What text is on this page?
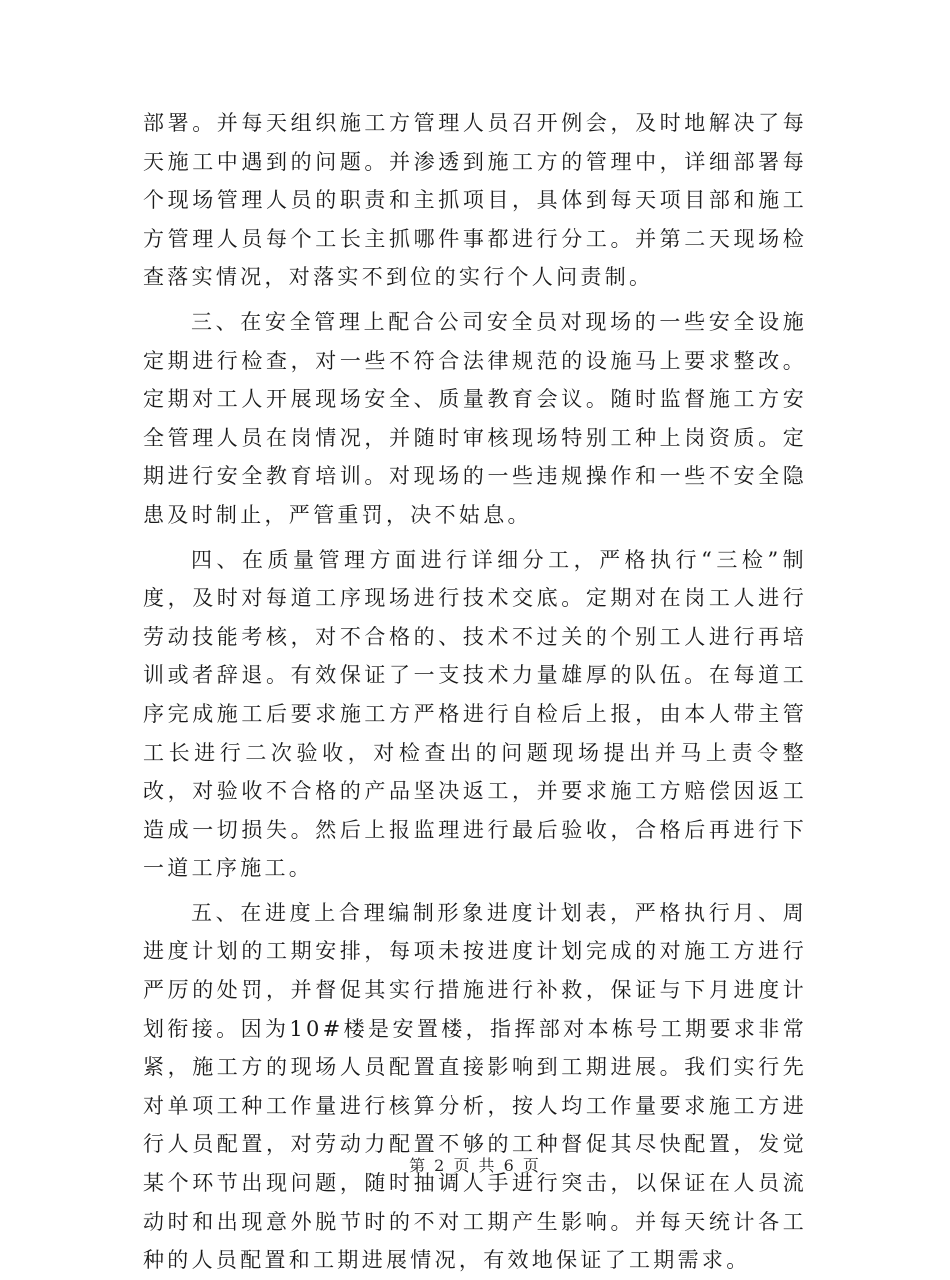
部署。并每天组织施工方管理人员召开例会，及时地解决了每天施工中遇到的问题。并渗透到施工方的管理中，详细部署每个现场管理人员的职责和主抓项目，具体到每天项目部和施工方管理人员每个工长主抓哪件事都进行分工。并第二天现场检查落实情况，对落实不到位的实行个人问责制。

三、在安全管理上配合公司安全员对现场的一些安全设施定期进行检查，对一些不符合法律规范的设施马上要求整改。定期对工人开展现场安全、质量教育会议。随时监督施工方安全管理人员在岗情况，并随时审核现场特别工种上岗资质。定期进行安全教育培训。对现场的一些违规操作和一些不安全隐患及时制止，严管重罚，决不姑息。

四、在质量管理方面进行详细分工，严格执行“三检”制度，及时对每道工序现场进行技术交底。定期对在岗工人进行劳动技能考核，对不合格的、技术不过关的个别工人进行再培训或者辞退。有效保证了一支技术力量雄厚的队伍。在每道工序完成施工后要求施工方严格进行自检后上报，由本人带主管工长进行二次验收，对检查出的问题现场提出并马上责令整改，对验收不合格的产品坚决返工，并要求施工方赔偿因返工造成一切损失。然后上报监理进行最后验收，合格后再进行下一道工序施工。

五、在进度上合理编制形象进度计划表，严格执行月、周进度计划的工期安排，每项未按进度计划完成的对施工方进行严厉的处罚，并督促其实行措施进行补救，保证与下月进度计划衔接。因为10#楼是安置楼，指挥部对本栋号工期要求非常紧，施工方的现场人员配置直接影响到工期进展。我们实行先对单项工种工作量进行核算分析，按人均工作量要求施工方进行人员配置，对劳动力配置不够的工种督促其尽快配置，发觉某个环节出现问题，随时抽调人手进行突击，以保证在人员流动时和出现意外脱节时的不对工期产生影响。并每天统计各工种的人员配置和工期进展情况，有效地保证了工期需求。

第 2 页 共 6 页
